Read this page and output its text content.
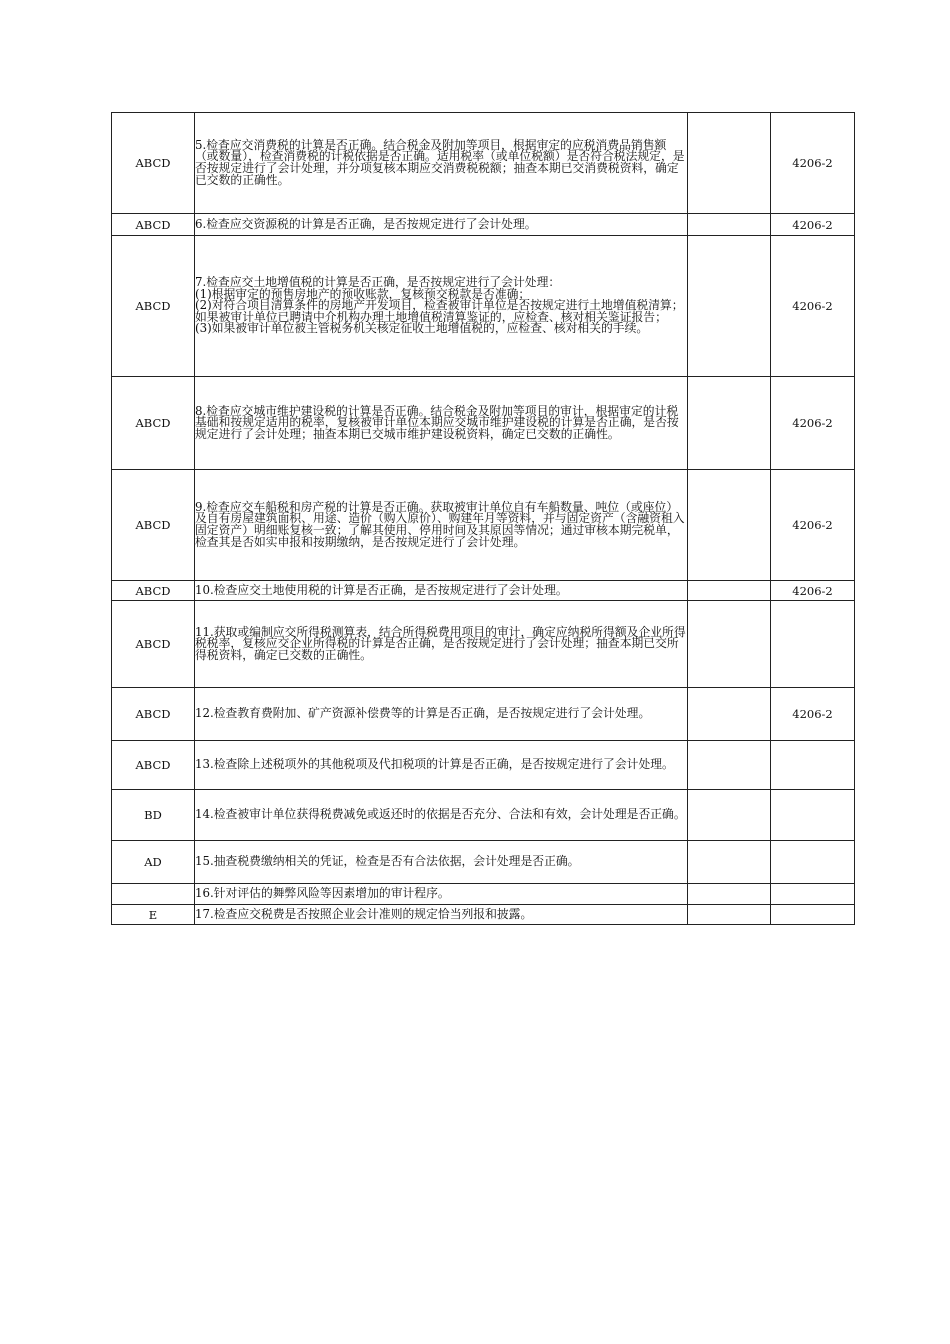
ABCD	5.检查应交消费税的计算是否正确。结合税金及附加等项目，根据审定的应税消费品销售额（或数量），检查消费税的计税依据是否正确。适用税率（或单位税额）是否符合税法规定，是否按规定进行了会计处理，并分项复核本期应交消费税税额；抽查本期已交消费税资料，确定已交数的正确性。		4206-2
ABCD	6.检查应交资源税的计算是否正确，是否按规定进行了会计处理。		4206-2
ABCD	7.检查应交土地增值税的计算是否正确，是否按规定进行了会计处理：
(1)根据审定的预售房地产的预收账款，复核预交税款是否准确；
(2)对符合项目清算条件的房地产开发项目，检查被审计单位是否按规定进行土地增值税清算；如果被审计单位已聘请中介机构办理土地增值税清算鉴证的，应检查、核对相关鉴证报告；
(3)如果被审计单位被主管税务机关核定征收土地增值税的，应检查、核对相关的手续。		4206-2
ABCD	8.检查应交城市维护建设税的计算是否正确。结合税金及附加等项目的审计，根据审定的计税基础和按规定适用的税率，复核被审计单位本期应交城市维护建设税的计算是否正确，是否按规定进行了会计处理；抽查本期已交城市维护建设税资料，确定已交数的正确性。		4206-2
ABCD	9.检查应交车船税和房产税的计算是否正确。获取被审计单位自有车船数量、吨位（或座位）及自有房屋建筑面积、用途、造价（购入原价）、购建年月等资料，并与固定资产（含融资租入固定资产）明细账复核一致；了解其使用、停用时间及其原因等情况；通过审核本期完税单，检查其是否如实申报和按期缴纳，是否按规定进行了会计处理。		4206-2
ABCD	10.检查应交土地使用税的计算是否正确，是否按规定进行了会计处理。		4206-2
ABCD	11.获取或编制应交所得税测算表，结合所得税费用项目的审计，确定应纳税所得额及企业所得税税率，复核应交企业所得税的计算是否正确，是否按规定进行了会计处理；抽查本期已交所得税资料，确定已交数的正确性。		
ABCD	12.检查教育费附加、矿产资源补偿费等的计算是否正确，是否按规定进行了会计处理。		4206-2
ABCD	13.检查除上述税项外的其他税项及代扣税项的计算是否正确，是否按规定进行了会计处理。		
BD	14.检查被审计单位获得税费减免或返还时的依据是否充分、合法和有效，会计处理是否正确。		
AD	15.抽查税费缴纳相关的凭证，检查是否有合法依据，会计处理是否正确。		
	16.针对评估的舞弊风险等因素增加的审计程序。		
E	17.检查应交税费是否按照企业会计准则的规定恰当列报和披露。		
